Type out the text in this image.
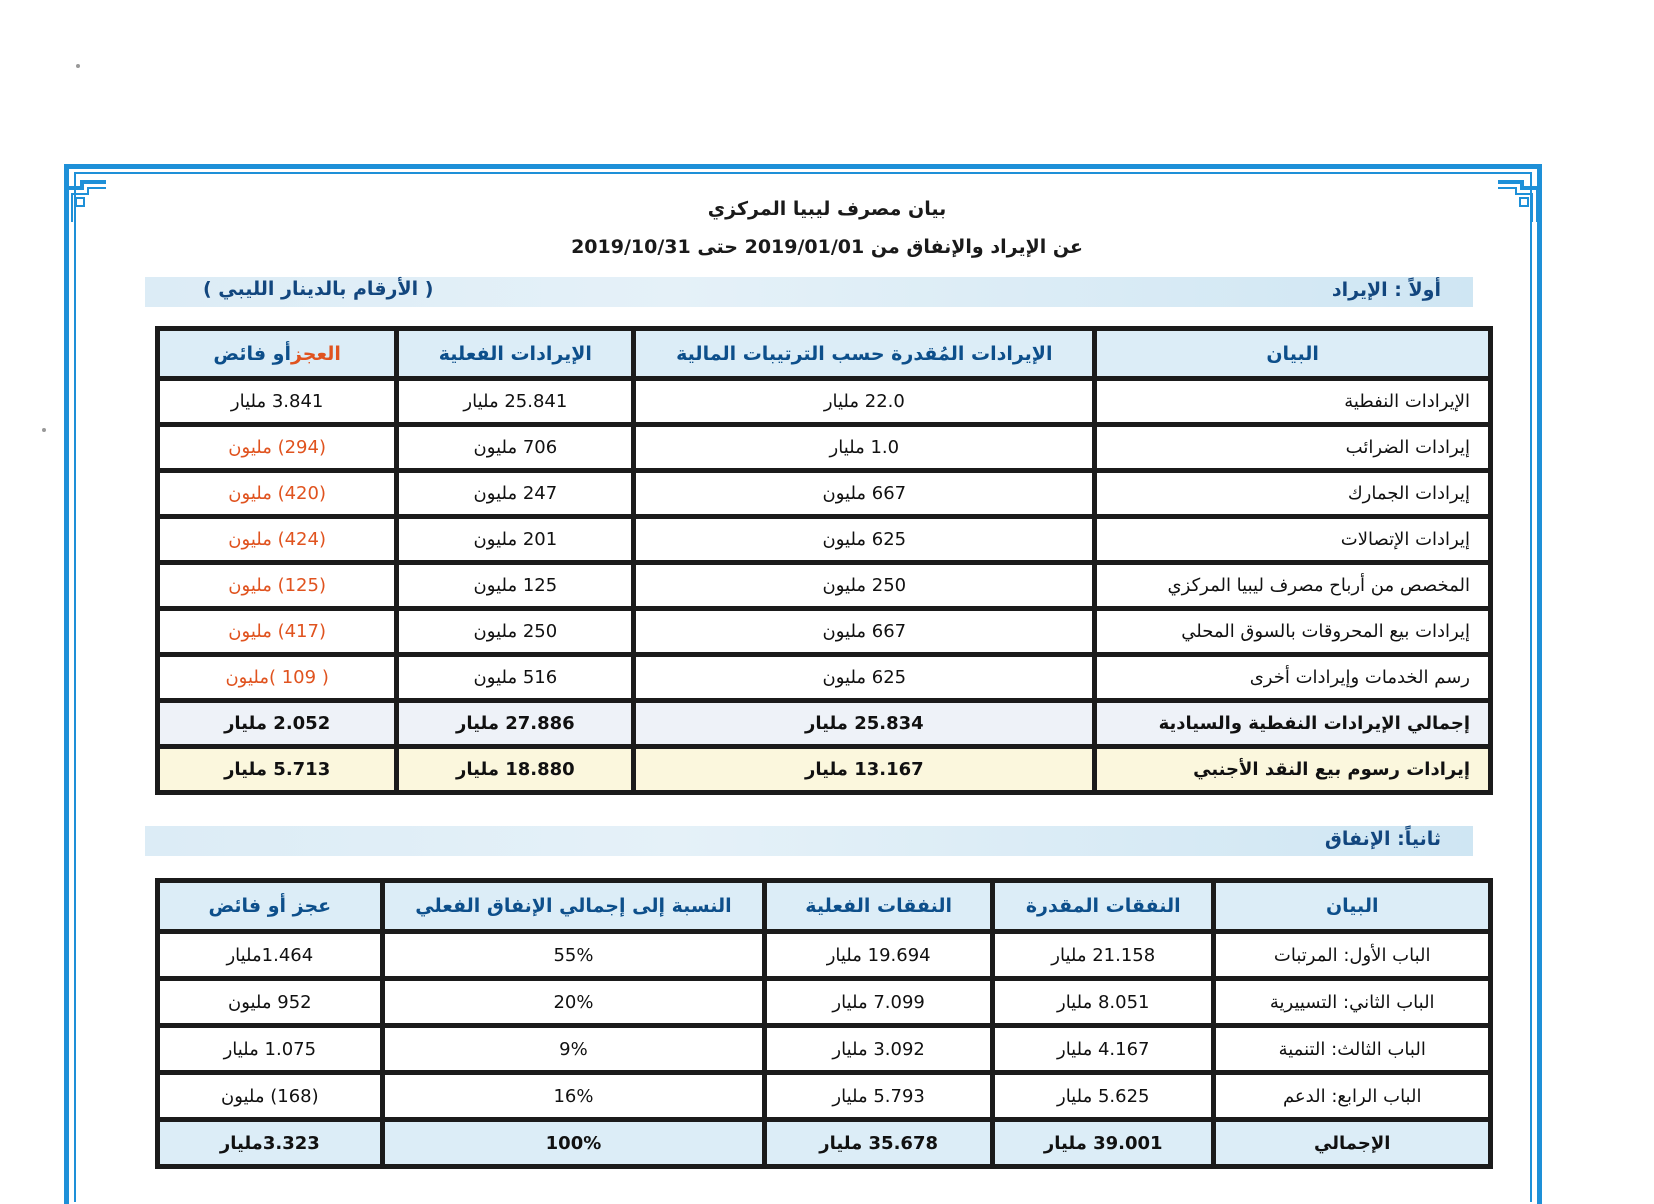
بيان مصرف ليبيا المركزي
عن الإيراد والإنفاق من 2019/01/01 حتى 2019/10/31
أولاً : الإيراد
( الأرقام بالدينار الليبي )
البيان	الإيرادات المُقدرة حسب الترتيبات المالية	الإيرادات الفعلية	العجزأو فائض
الإيرادات النفطية	22.0 مليار	25.841 مليار	3.841 مليار
إيرادات الضرائب	1.0 مليار	706 مليون	(294) مليون
إيرادات الجمارك	667 مليون	247 مليون	(420) مليون
إيرادات الإتصالات	625 مليون	201 مليون	(424) مليون
المخصص من أرباح مصرف ليبيا المركزي	250 مليون	125 مليون	(125) مليون
إيرادات بيع المحروقات بالسوق المحلي	667 مليون	250 مليون	(417) مليون
رسم الخدمات وإيرادات أخرى	625 مليون	516 مليون	( 109 )مليون
إجمالي الإيرادات النفطية والسيادية	25.834 مليار	27.886 مليار	2.052 مليار
إيرادات رسوم بيع النقد الأجنبي	13.167 مليار	18.880 مليار	5.713 مليار
ثانياً: الإنفاق
البيان	النفقات المقدرة	النفقات الفعلية	النسبة إلى إجمالي الإنفاق الفعلي	عجز أو فائض
الباب الأول: المرتبات	21.158 مليار	19.694 مليار	55%	1.464مليار
الباب الثاني: التسييرية	8.051 مليار	7.099 مليار	20%	952 مليون
الباب الثالث: التنمية	4.167 مليار	3.092 مليار	9%	1.075 مليار
الباب الرابع: الدعم	5.625 مليار	5.793 مليار	16%	(168) مليون
الإجمالي	39.001 مليار	35.678 مليار	100%	3.323مليار
